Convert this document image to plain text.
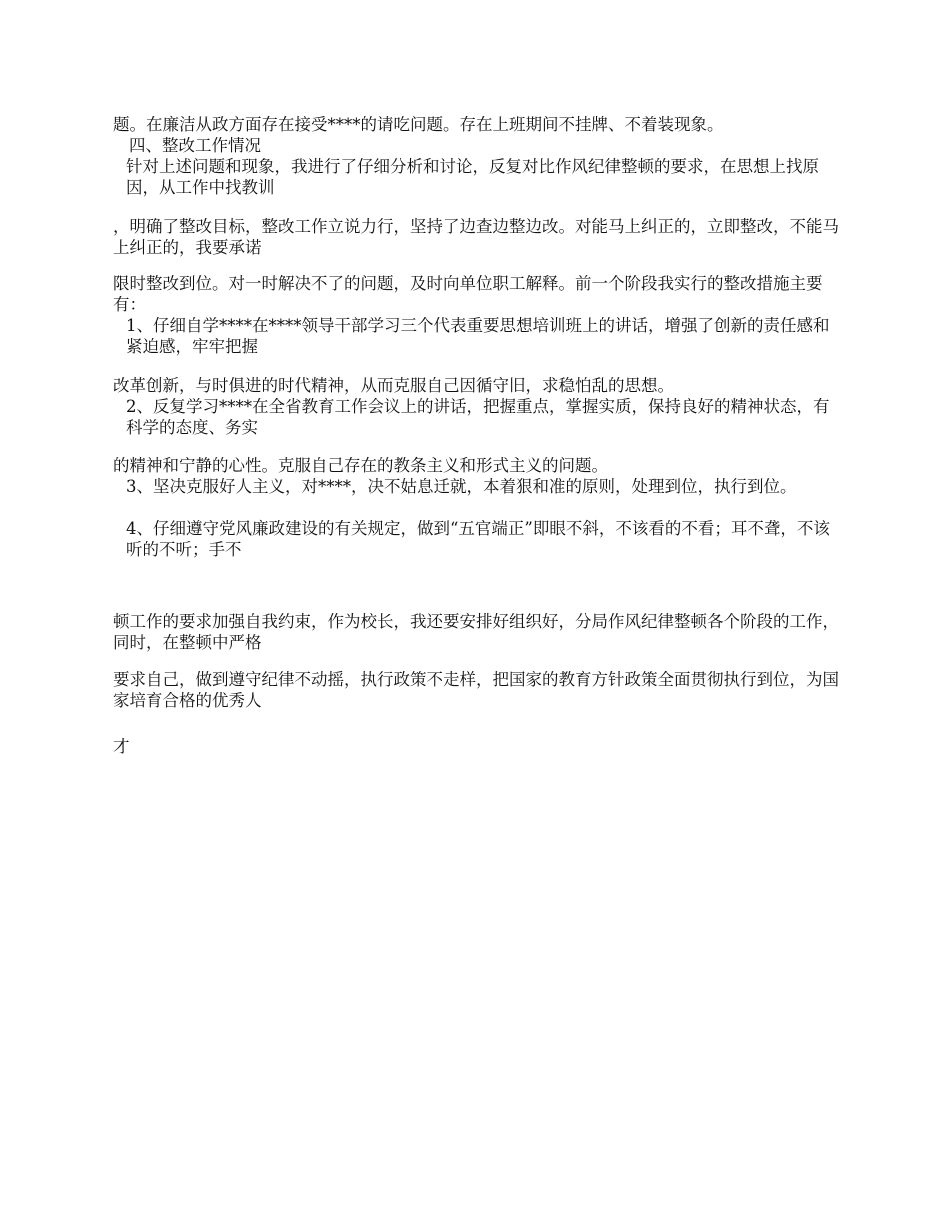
题。在廉洁从政方面存在接受****的请吃问题。存在上班期间不挂牌、不着装现象。

四、整改工作情况

针对上述问题和现象，我进行了仔细分析和讨论，反复对比作风纪律整顿的要求，在思想上找原因，从工作中找教训

，明确了整改目标，整改工作立说力行，坚持了边查边整边改。对能马上纠正的，立即整改，不能马上纠正的，我要承诺

限时整改到位。对一时解决不了的问题，及时向单位职工解释。前一个阶段我实行的整改措施主要有：

1、仔细自学****在****领导干部学习三个代表重要思想培训班上的讲话，增强了创新的责任感和紧迫感，牢牢把握

改革创新，与时俱进的时代精神，从而克服自己因循守旧，求稳怕乱的思想。

2、反复学习****在全省教育工作会议上的讲话，把握重点，掌握实质，保持良好的精神状态，有科学的态度、务实

的精神和宁静的心性。克服自己存在的教条主义和形式主义的问题。

3、坚决克服好人主义，对****，决不姑息迁就，本着狠和准的原则，处理到位，执行到位。

4、仔细遵守党风廉政建设的有关规定，做到“五官端正”即眼不斜，不该看的不看；耳不聋，不该听的不听；手不

顿工作的要求加强自我约束，作为校长，我还要安排好组织好，分局作风纪律整顿各个阶段的工作，同时，在整顿中严格

要求自己，做到遵守纪律不动摇，执行政策不走样，把国家的教育方针政策全面贯彻执行到位，为国家培育合格的优秀人

才
